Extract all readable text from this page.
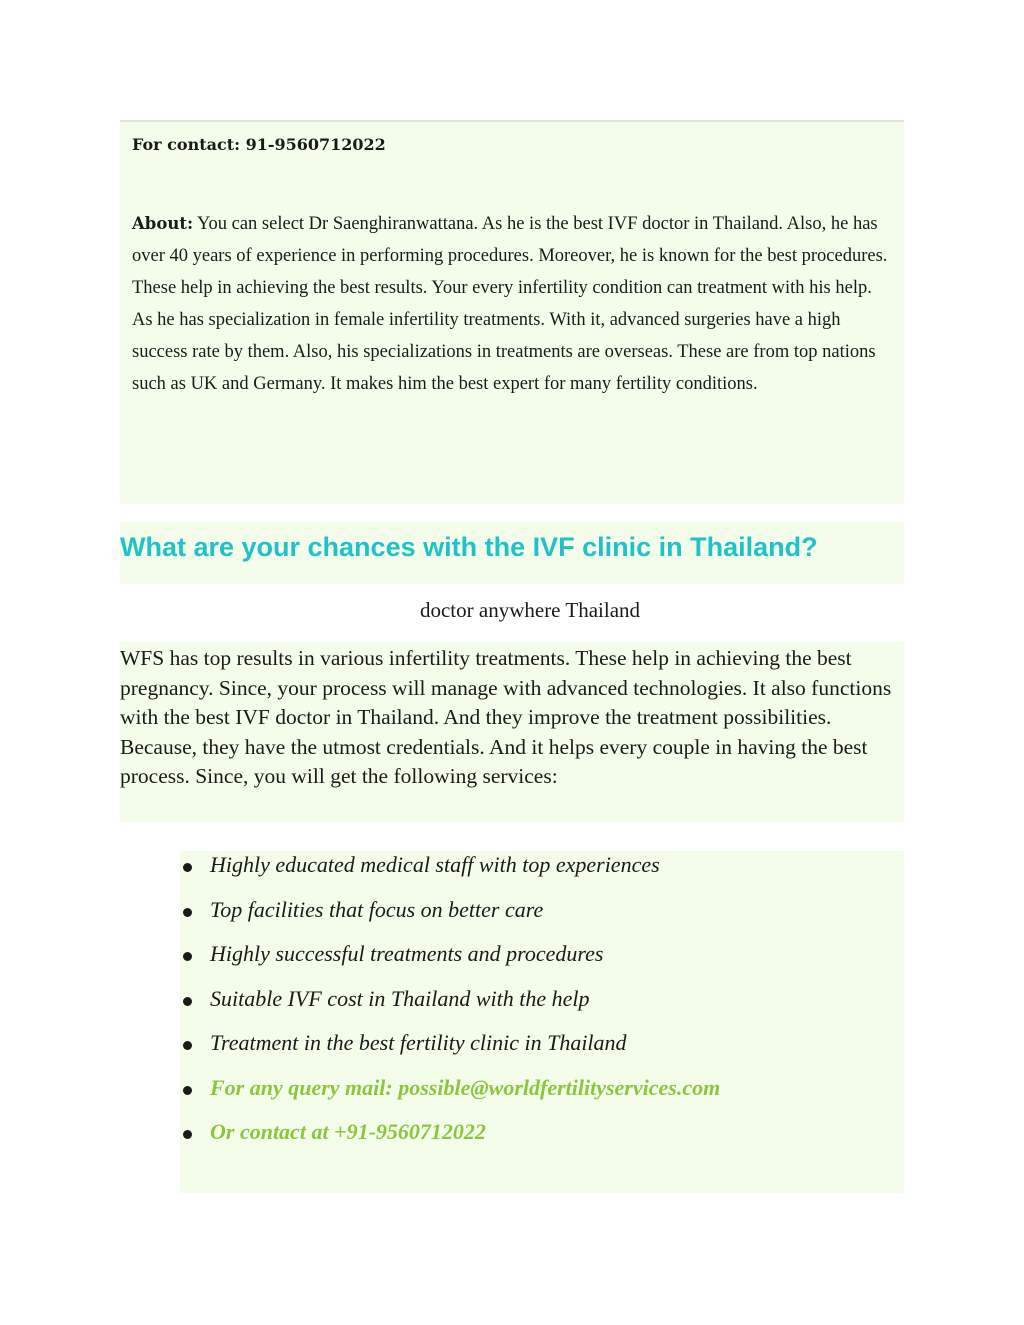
For contact: 91-9560712022

About: You can select Dr Saenghiranwattana. As he is the best IVF doctor in Thailand. Also, he has over 40 years of experience in performing procedures. Moreover, he is known for the best procedures. These help in achieving the best results. Your every infertility condition can treatment with his help. As he has specialization in female infertility treatments. With it, advanced surgeries have a high success rate by them. Also, his specializations in treatments are overseas. These are from top nations such as UK and Germany. It makes him the best expert for many fertility conditions.

What are your chances with the IVF clinic in Thailand?
doctor anywhere Thailand

WFS has top results in various infertility treatments. These help in achieving the best pregnancy. Since, your process will manage with advanced technologies. It also functions with the best IVF doctor in Thailand. And they improve the treatment possibilities. Because, they have the utmost credentials. And it helps every couple in having the best process. Since, you will get the following services:

Highly educated medical staff with top experiences
Top facilities that focus on better care
Highly successful treatments and procedures
Suitable IVF cost in Thailand with the help
Treatment in the best fertility clinic in Thailand
For any query mail: possible@worldfertilityservices.com
Or contact at +91-9560712022
